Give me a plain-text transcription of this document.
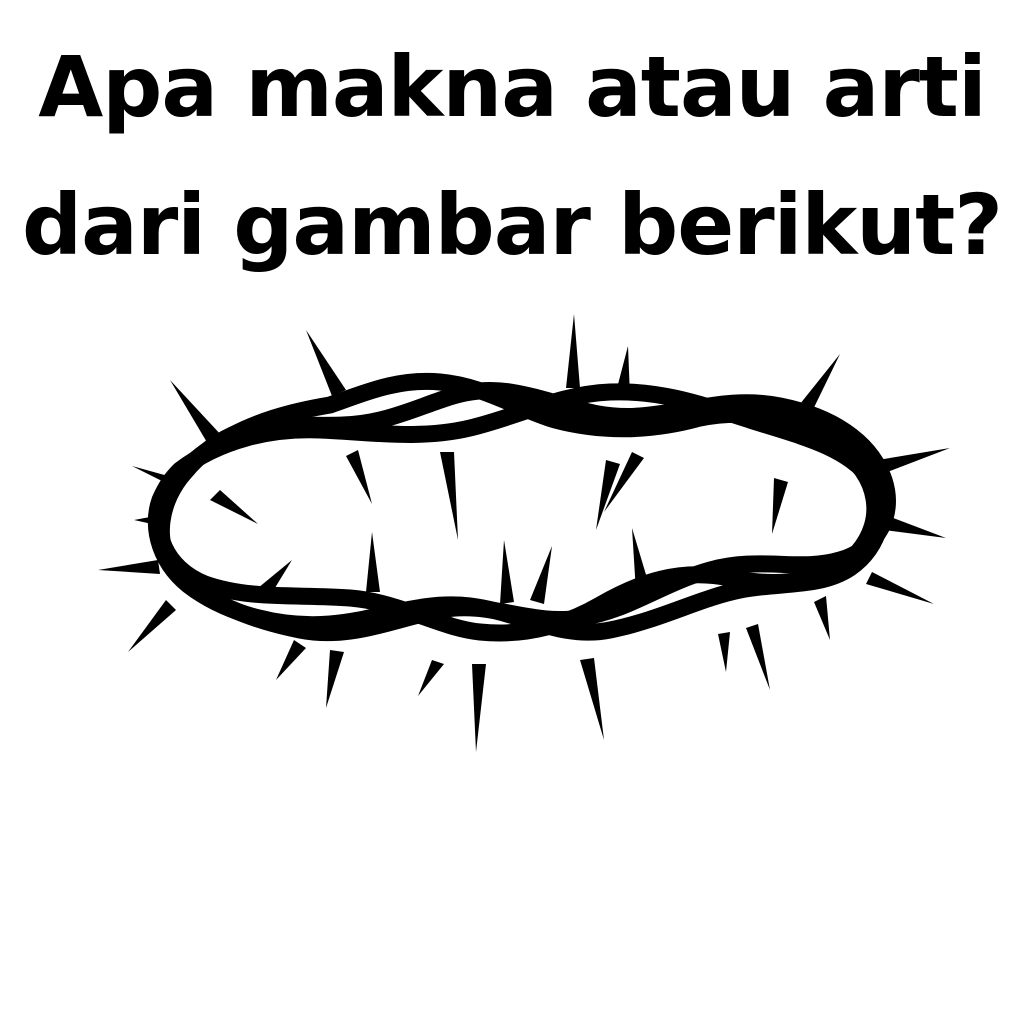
Apa makna atau arti
dari gambar berikut?
